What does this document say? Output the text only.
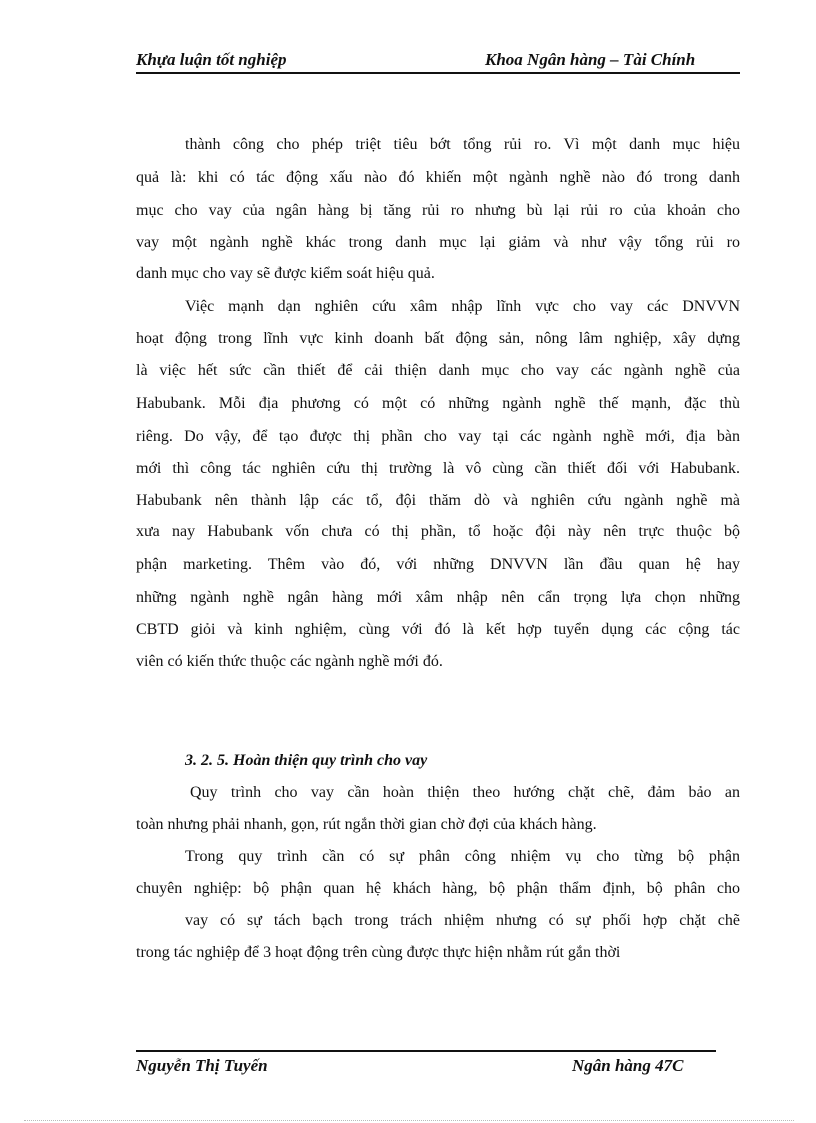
Khựa luận tốt nghiệp	Khoa Ngân hàng – Tài Chính
thành công cho phép triệt tiêu bớt tổng rủi ro. Vì một danh mục hiệu
quả là: khi có tác động xấu nào đó khiến một ngành nghề nào đó trong danh
mục cho vay của ngân hàng bị tăng rủi ro nhưng bù lại rủi ro của khoản cho
vay một ngành nghề khác trong danh mục lại giảm và như vậy tổng rủi ro
danh mục cho vay sẽ được kiểm soát hiệu quả.
Việc mạnh dạn nghiên cứu xâm nhập lĩnh vực cho vay các DNVVN
hoạt động trong lĩnh vực kinh doanh bất động sản, nông lâm nghiệp, xây dựng
là việc hết sức cần thiết để cải thiện danh mục cho vay các ngành nghề của
Habubank. Mỗi địa phương có một có những ngành nghề thế mạnh, đặc thù
riêng. Do vậy, để tạo được thị phần cho vay tại các ngành nghề mới, địa bàn
mới thì công tác nghiên cứu thị trường là vô cùng cần thiết đối với Habubank.
Habubank nên thành lập các tổ, đội thăm dò và nghiên cứu ngành nghề mà
xưa nay Habubank vốn chưa có thị phần, tổ hoặc đội này nên trực thuộc bộ
phận marketing. Thêm vào đó, với những DNVVN lần đầu quan hệ hay
những ngành nghề ngân hàng mới xâm nhập nên cẩn trọng lựa chọn những
CBTD giỏi và kinh nghiệm, cùng với đó là kết hợp tuyển dụng các cộng tác
viên có kiến thức thuộc các ngành nghề mới đó.
3. 2. 5. Hoàn thiện quy trình cho vay
Quy trình cho vay cần hoàn thiện theo hướng chặt chẽ, đảm bảo an
toàn nhưng phải nhanh, gọn, rút ngắn thời gian chờ đợi của khách hàng.
Trong quy trình cần có sự phân công nhiệm vụ cho từng bộ phận
chuyên nghiệp: bộ phận quan hệ khách hàng, bộ phận thẩm định, bộ phân cho
vay có sự tách bạch trong trách nhiệm nhưng có sự phối hợp chặt chẽ
trong tác nghiệp để 3 hoạt động trên cùng được thực hiện nhằm rút gắn thời
Nguyễn Thị Tuyến	Ngân hàng 47C
